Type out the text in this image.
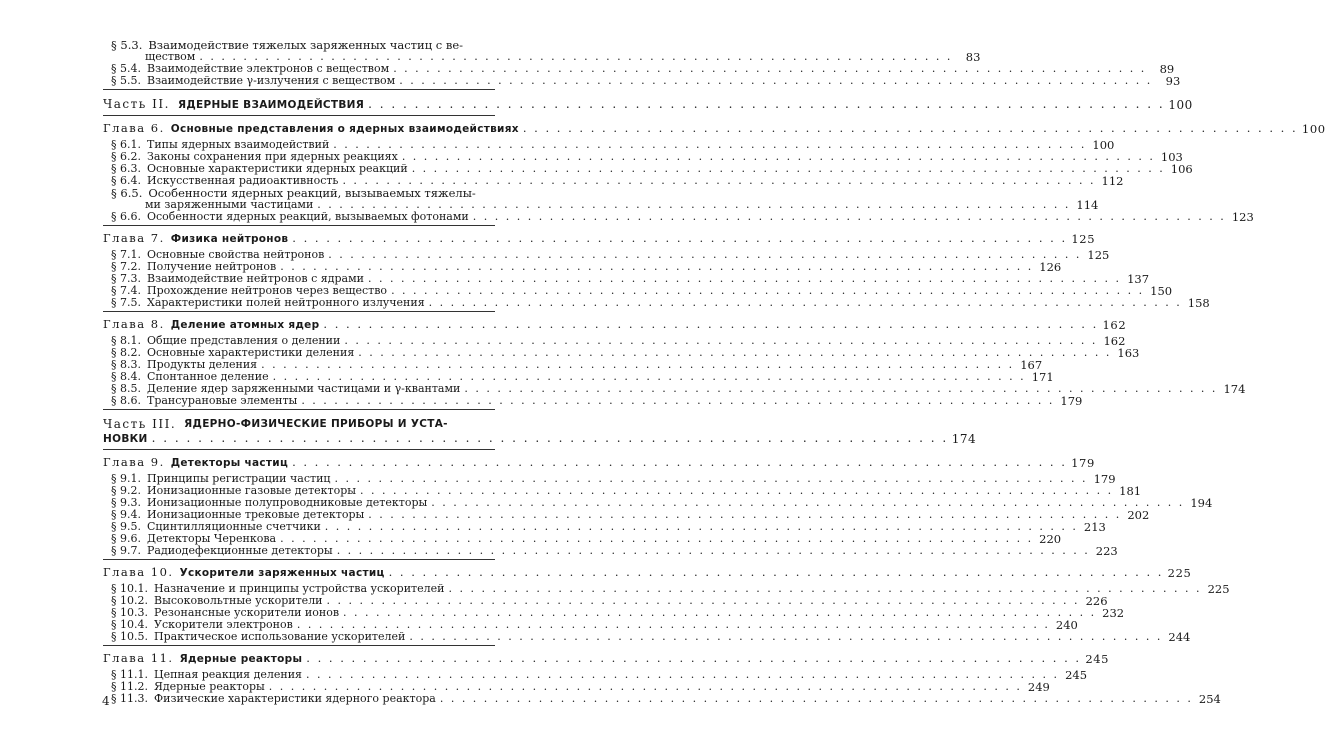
§ 5.3. Взаимодействие тяжелых заряженных частиц с ве-
ществом . . .	83
§ 5.4. Взаимодействие электронов с веществом . . .	89
§ 5.5. Взаимодействие γ-излучения с веществом . . .	93
Часть II. ЯДЕРНЫЕ ВЗАИМОДЕЙСТВИЯ . . .	100
Глава 6. Основные представления о ядерных взаимодействиях . . .	100
§ 6.1. Типы ядерных взаимодействий . . .	100
§ 6.2. Законы сохранения при ядерных реакциях . . .	103
§ 6.3. Основные характеристики ядерных реакций . . .	106
§ 6.4. Искусственная радиоактивность . . .	112
§ 6.5. Особенности ядерных реакций, вызываемых тяжелы-
ми заряженными частицами . . .	114
§ 6.6. Особенности ядерных реакций, вызываемых фотонами . . .	123
Глава 7. Физика нейтронов . . .	125
§ 7.1. Основные свойства нейтронов . . .	125
§ 7.2. Получение нейтронов . . .	126
§ 7.3. Взаимодействие нейтронов с ядрами . . .	137
§ 7.4. Прохождение нейтронов через вещество . . .	150
§ 7.5. Характеристики полей нейтронного излучения . . .	158
Глава 8. Деление атомных ядер . . .	162
§ 8.1. Общие представления о делении . . .	162
§ 8.2. Основные характеристики деления . . .	163
§ 8.3. Продукты деления . . .	167
§ 8.4. Спонтанное деление . . .	171
§ 8.5. Деление ядер заряженными частицами и γ-квантами . . .	174
§ 8.6. Трансурановые элементы . . .	179
Часть III. ЯДЕРНО-ФИЗИЧЕСКИЕ ПРИБОРЫ И УСТА-
НОВКИ . . .	174
Глава 9. Детекторы частиц . . .	179
§ 9.1. Принципы регистрации частиц . . .	179
§ 9.2. Ионизационные газовые детекторы . . .	181
§ 9.3. Ионизационные полупроводниковые детекторы . . .	194
§ 9.4. Ионизационные трековые детекторы . . .	202
§ 9.5. Сцинтилляционные счетчики . . .	213
§ 9.6. Детекторы Черенкова . . .	220
§ 9.7. Радиодефекционные детекторы . . .	223
Глава 10. Ускорители заряженных частиц . . .	225
§ 10.1. Назначение и принципы устройства ускорителей . . .	225
§ 10.2. Высоковольтные ускорители . . .	226
§ 10.3. Резонансные ускорители ионов . . .	232
§ 10.4. Ускорители электронов . . .	240
§ 10.5. Практическое использование ускорителей . . .	244
Глава 11. Ядерные реакторы . . .	245
§ 11.1. Цепная реакция деления . . .	245
§ 11.2. Ядерные реакторы . . .	249
§ 11.3. Физические характеристики ядерного реактора . . .	254
4
